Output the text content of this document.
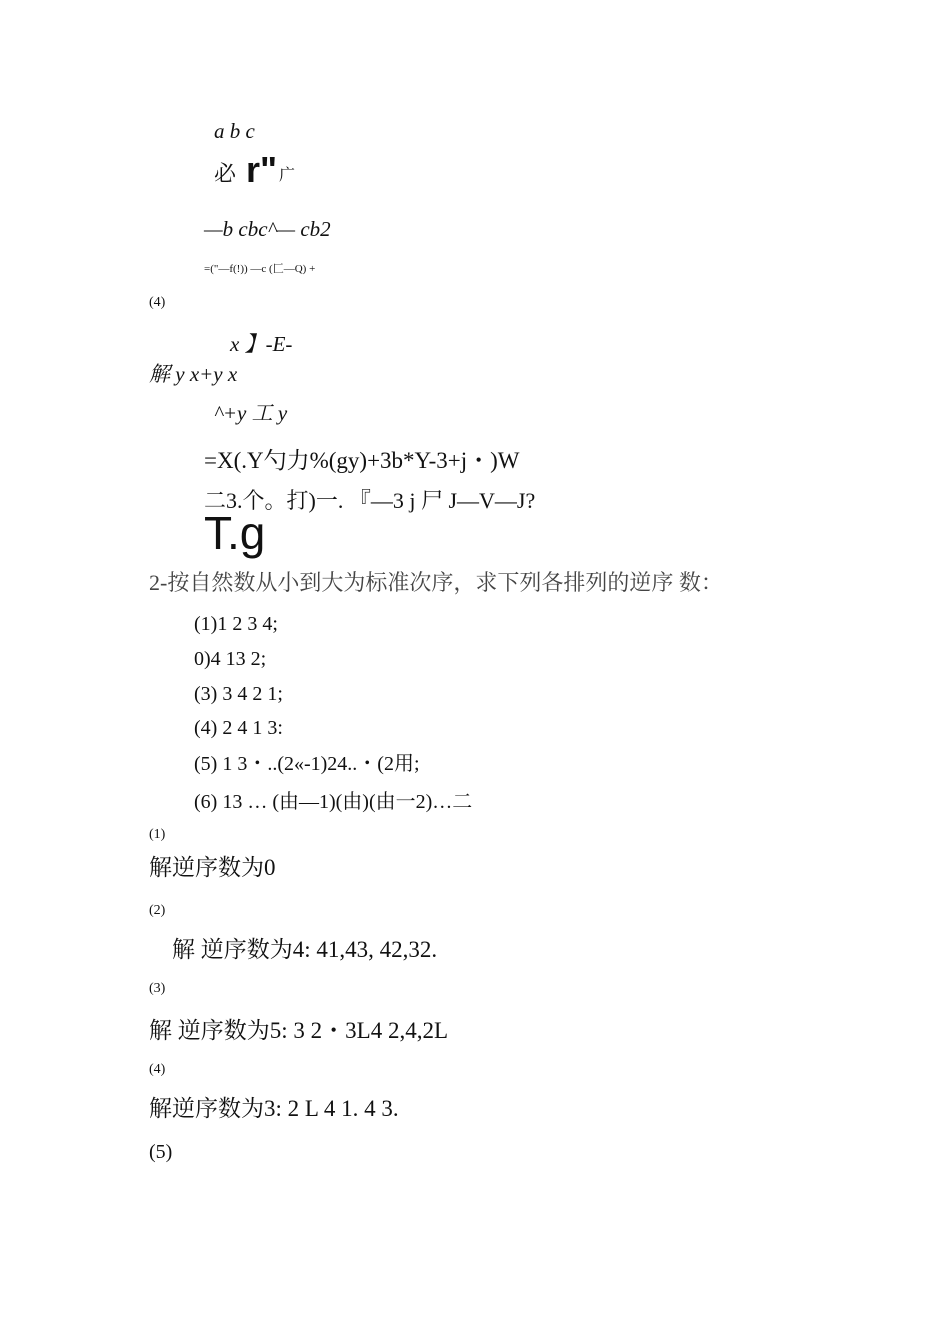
a b c
必 r" 广
—b cbc^— cb2
=("—f(!)) —c (匚—Q) +
(4)
x 】-E-
解 y x+y x
^+y 工 y
=X(.Y勺力%(gy)+3b*Y-3+j・)W
二3.个。打)一. 『—3 j 尸 J—V—J?
T.g
2-按自然数从小到大为标准次序，求下列各排列的逆序 数：
(1)1 2 3 4;
0)4 13 2;
(3) 3 4 2 1;
(4) 2 4 1 3:
(5) 1 3・..(2«-1)24..・(2用;
(6) 13 … (由—1)(由)(由一2)…二
(1)
解逆序数为0
(2)
解 逆序数为4: 41,43, 42,32.
(3)
解 逆序数为5: 3 2・3L4 2,4,2L
(4)
解逆序数为3: 2 L 4 1. 4 3.
(5)
